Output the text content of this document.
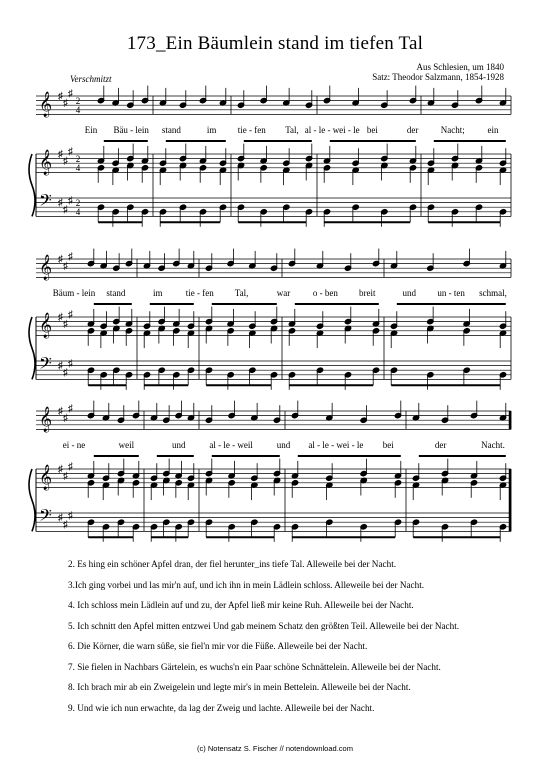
173_Ein Bäumlein stand im tiefen Tal
Aus Schlesien, um 1840
Satz: Theodor Salzmann, 1854-1928
Verschmitzt
𝄞
𝄞
𝄢
♯
♯
♯
♯
♯
♯
♯
♯
♯
2
4
2
4
2
4
Ein Bäu - lein stand	im tie - fen Tal, al - le - wei - le bei	der Nacht;	ein
𝄞
𝄞
𝄢
♯
♯
♯
♯
♯
♯
♯
♯
♯
Bäum - lein stand	im	tie - fen Tal,	war	o - ben breit	und un - ten schmal,
𝄞
𝄞
𝄢
♯
♯
♯
♯
♯
♯
♯
♯
♯
ei - ne	weil	und	al - le - weil	und al - le - wei - le bei	der	Nacht.
2. Es hing ein schöner Apfel dran, der fiel herunter_ins tiefe Tal. Alleweile bei der Nacht.
3.Ich ging vorbei und las mir'n auf, und ich ihn in mein Lädlein schloss. Alleweile bei der Nacht.
4. Ich schloss mein Lädlein auf und zu, der Apfel ließ mir keine Ruh. Alleweile bei der Nacht.
5. Ich schnitt den Apfel mitten entzwei Und gab meinem Schatz den größten Teil. Alleweile bei der Nacht.
6. Die Körner, die warn süße, sie fiel'n mir vor die Füße. Alleweile bei der Nacht.
7. Sie fielen in Nachbars Gärtelein, es wuchs'n ein Paar schöne Schnättelein. Alleweile bei der Nacht.
8. Ich brach mir ab ein Zweigelein und legte mir's in mein Bettelein. Alleweile bei der Nacht.
9. Und wie ich nun erwachte, da lag der Zweig und lachte. Alleweile bei der Nacht.
(c) Notensatz S. Fischer // notendownload.com
